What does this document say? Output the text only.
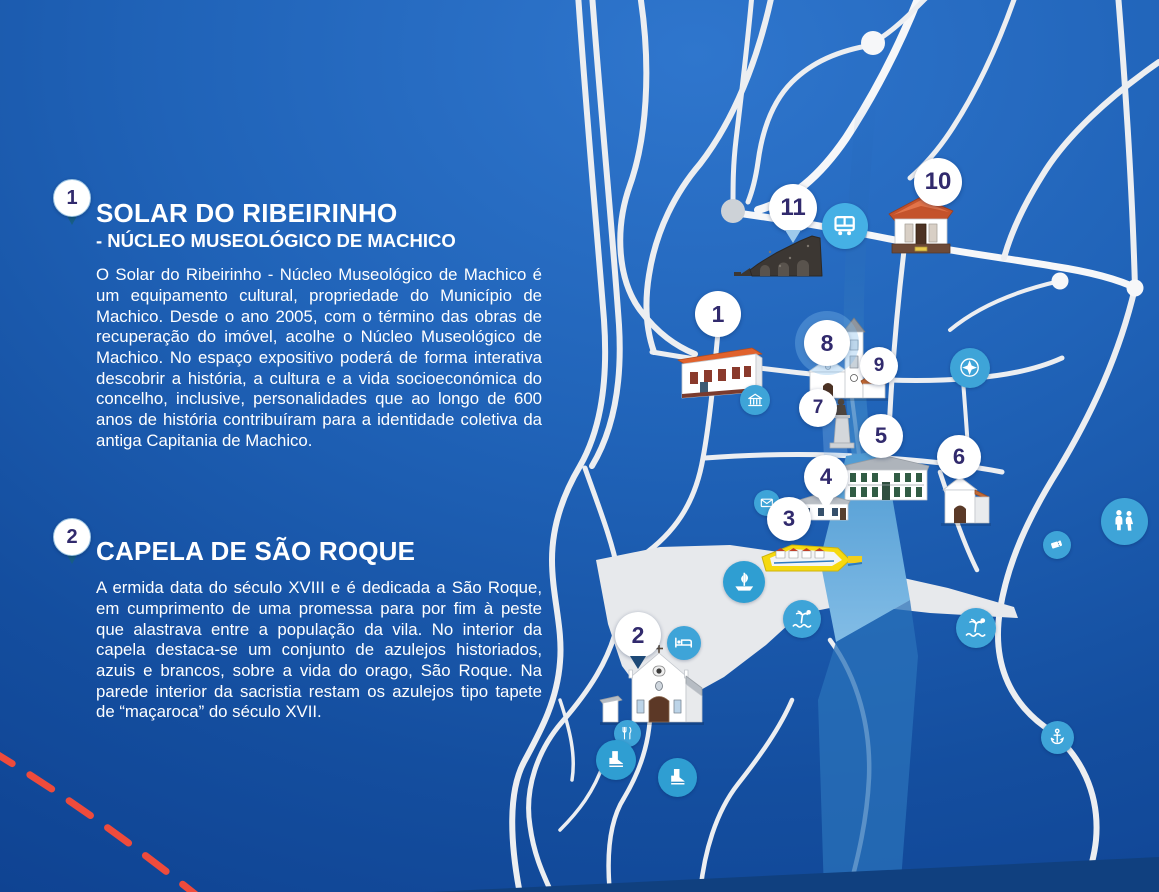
1
2
3
4
5
6
7
8
9
10
11
1
SOLAR DO RIBEIRINHO
- NÚCLEO MUSEOLÓGICO DE MACHICO

O Solar do Ribeirinho - Núcleo Museológico de Machico é um equipamento cultural, propriedade do Município de Machico. Desde o ano 2005, com o término das obras de recuperação do imóvel, acolhe o Núcleo Museológico de Machico. No espaço expositivo poderá de forma interativa descobrir a história, a cultura e a vida socioeconómica do concelho, inclusive, personalidades que ao longo de 600 anos de história contribuíram para a identidade coletiva da antiga Capitania de Machico.

2 CAPELA DE SÃO ROQUE

A ermida data do século XVIII e é dedicada a São Roque, em cumprimento de uma promessa para por fim à peste que alastrava entre a população da vila. No interior da capela destaca-se um conjunto de azulejos historiados, azuis e brancos, sobre a vida do orago, São Roque. Na parede interior da sacristia restam os azulejos tipo tapete de “maçaroca” do século XVII.
